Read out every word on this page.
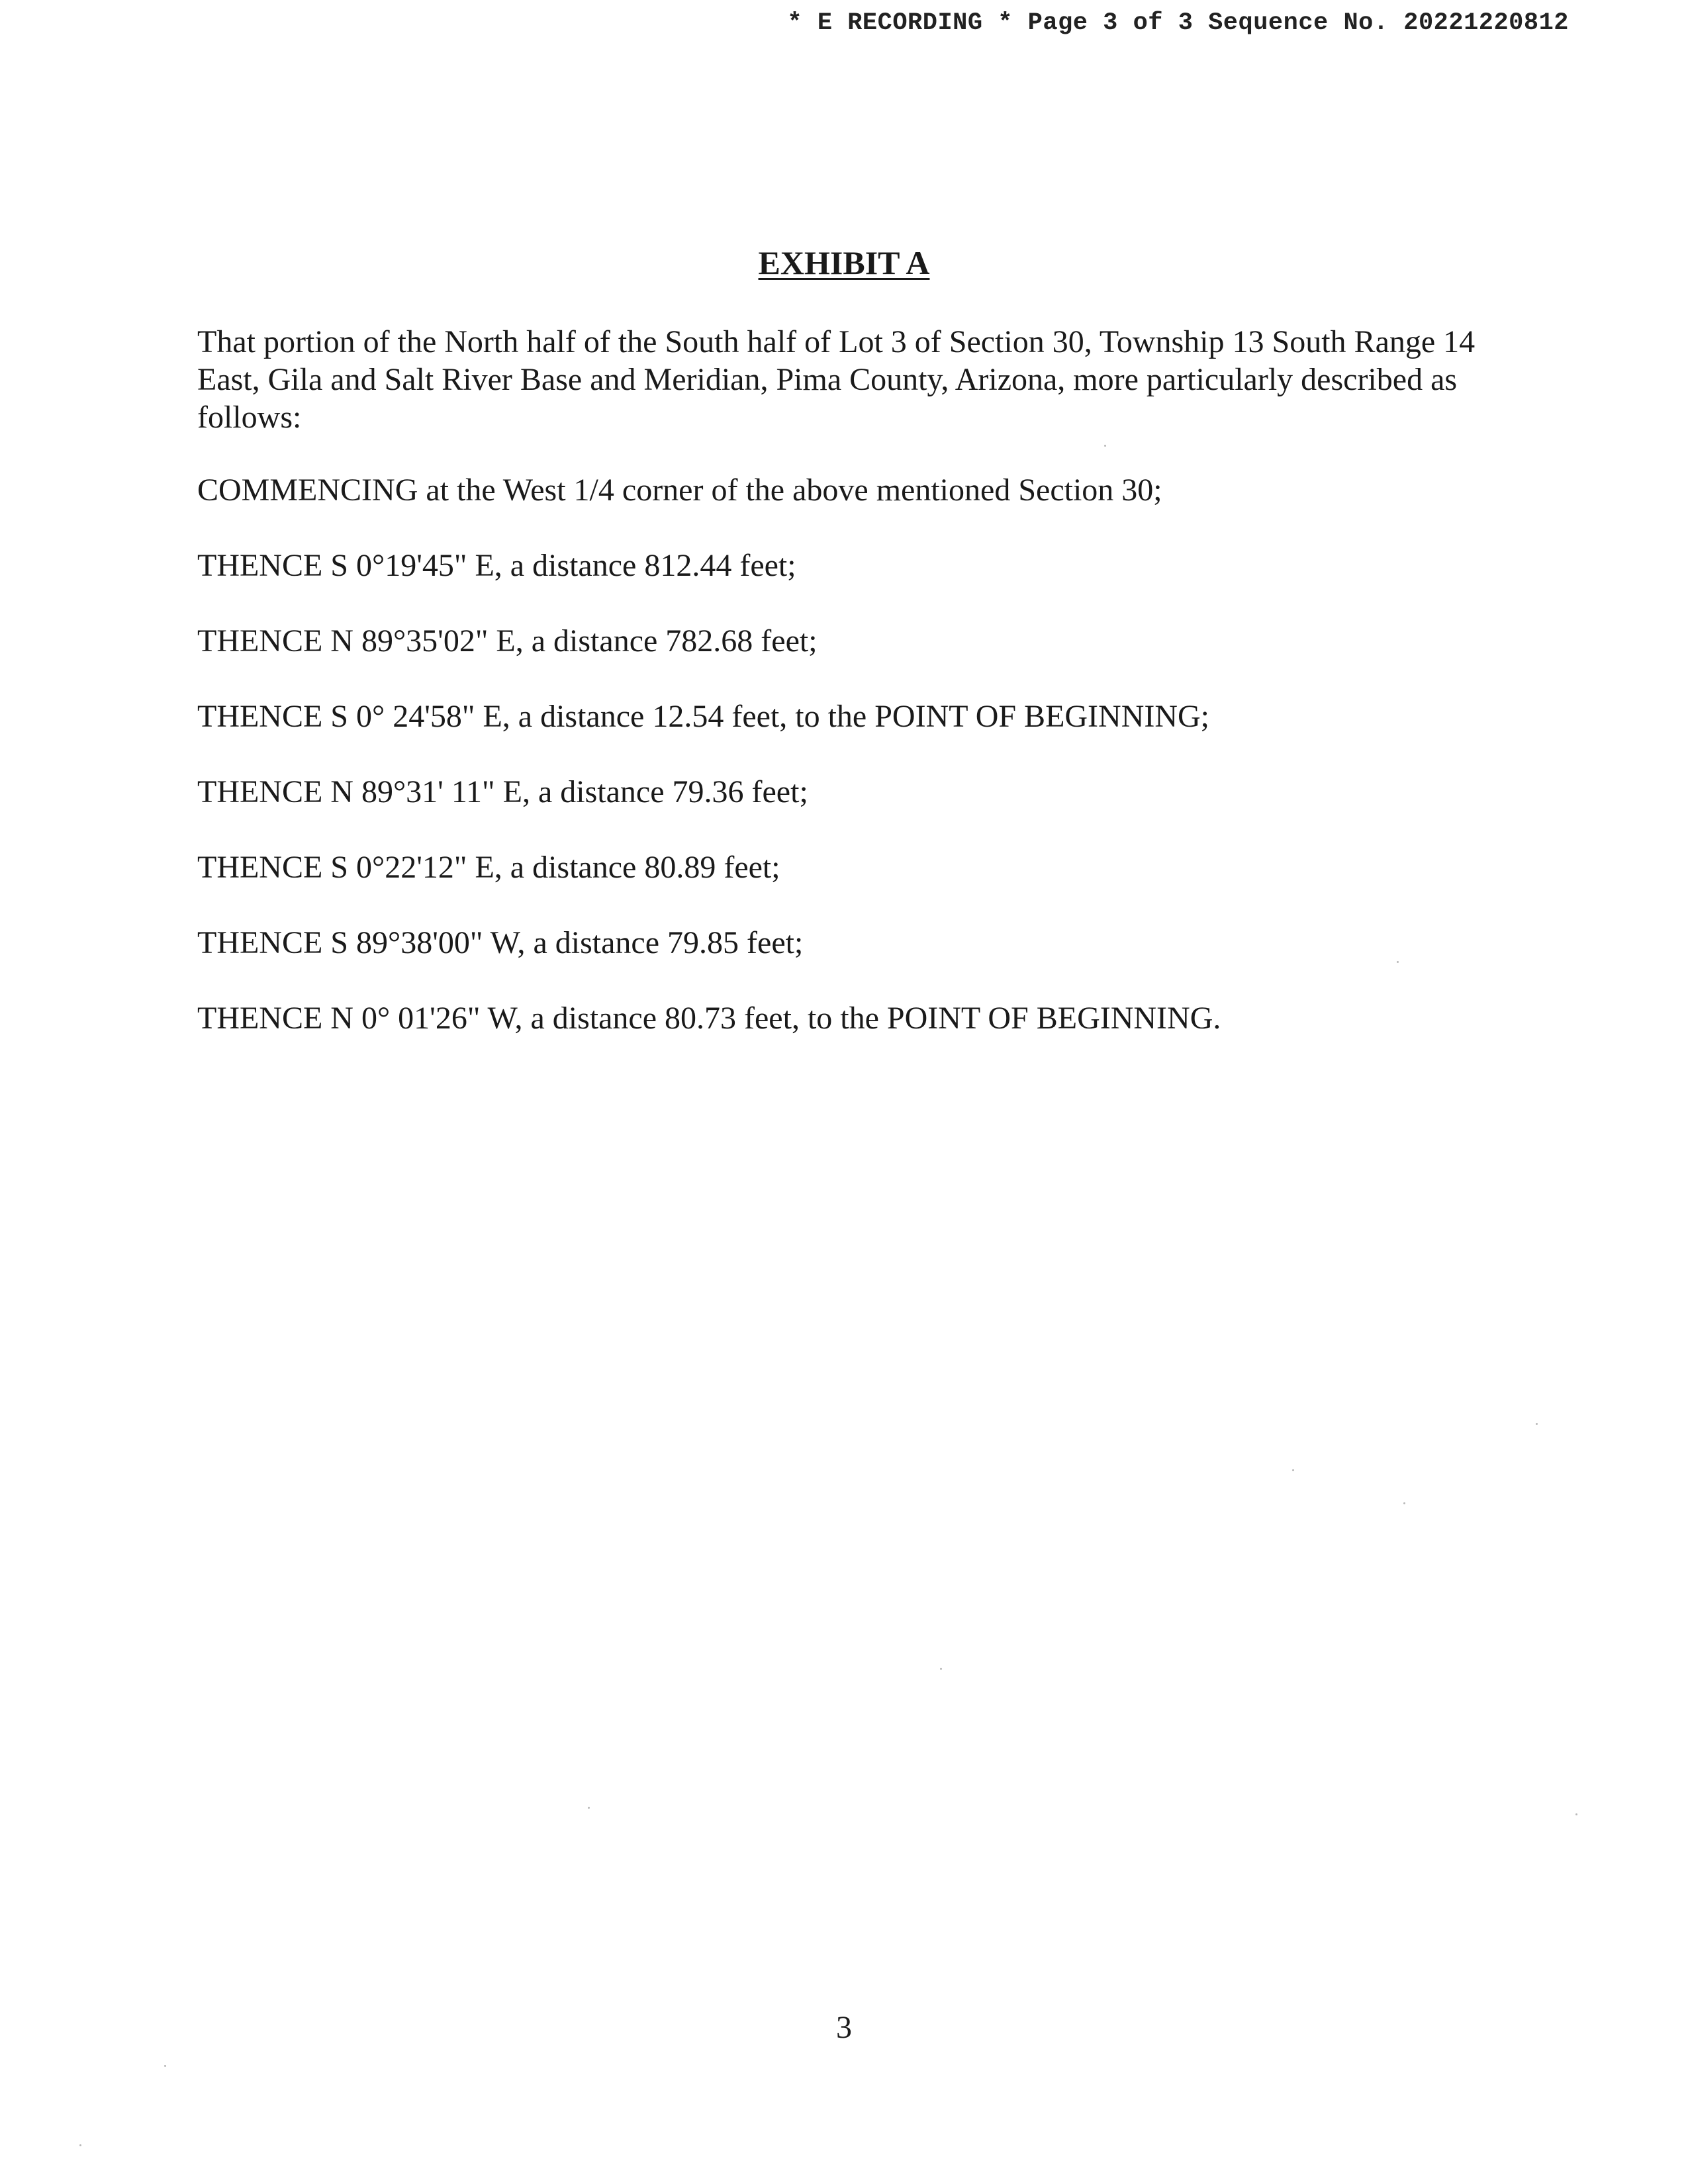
* E RECORDING * Page 3 of 3 Sequence No. 20221220812
EXHIBIT A
That portion of the North half of the South half of Lot 3 of Section 30, Township 13 South Range 14 East, Gila and Salt River Base and Meridian, Pima County, Arizona, more particularly described as follows:
COMMENCING at the West 1/4 corner of the above mentioned Section 30;
THENCE S 0°19'45" E, a distance 812.44 feet;
THENCE N 89°35'02" E, a distance 782.68 feet;
THENCE S 0° 24'58" E, a distance 12.54 feet, to the POINT OF BEGINNING;
THENCE N 89°31' 11" E, a distance 79.36 feet;
THENCE S 0°22'12" E, a distance 80.89 feet;
THENCE S 89°38'00" W, a distance 79.85 feet;
THENCE N 0° 01'26" W, a distance 80.73 feet, to the POINT OF BEGINNING.
3
